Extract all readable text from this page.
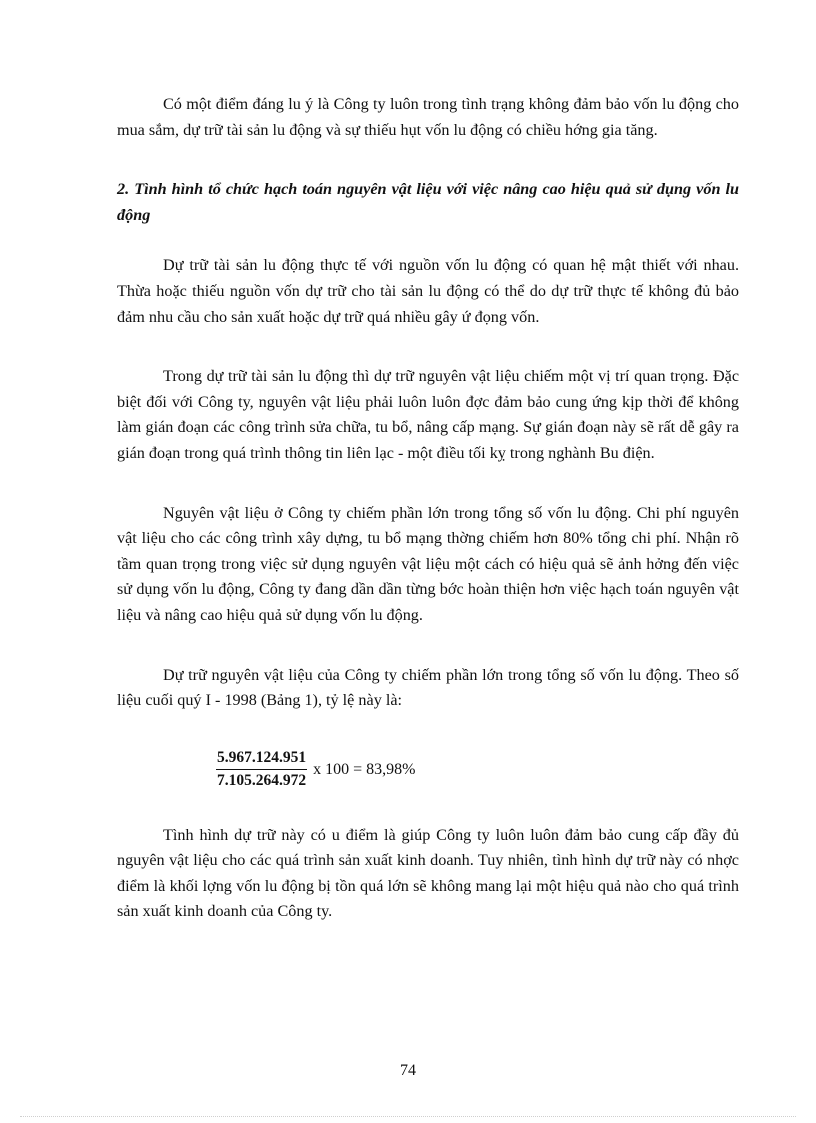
Có một điểm đáng lu ý là Công ty luôn trong tình trạng không đảm bảo vốn lu động cho mua sắm, dự trữ tài sản lu động và sự thiếu hụt vốn lu động có chiều hớng gia tăng.

2. Tình hình tổ chức hạch toán nguyên vật liệu với việc nâng cao hiệu quả sử dụng vốn lu động

Dự trữ tài sản lu động thực tế với nguồn vốn lu động có quan hệ mật thiết với nhau. Thừa hoặc thiếu nguồn vốn dự trữ cho tài sản lu động có thể do dự trữ thực tế không đủ bảo đảm nhu cầu cho sản xuất hoặc dự trữ quá nhiều gây ứ đọng vốn.

Trong dự trữ tài sản lu động thì dự trữ nguyên vật liệu chiếm một vị trí quan trọng. Đặc biệt đối với Công ty, nguyên vật liệu phải luôn luôn đợc đảm bảo cung ứng kịp thời để không làm gián đoạn các công trình sửa chữa, tu bổ, nâng cấp mạng. Sự gián đoạn này sẽ rất dễ gây ra gián đoạn trong quá trình thông tin liên lạc - một điều tối kỵ trong nghành Bu điện.

Nguyên vật liệu ở Công ty chiếm phần lớn trong tổng số vốn lu động. Chi phí nguyên vật liệu cho các công trình xây dựng, tu bổ mạng thờng chiếm hơn 80% tổng chi phí. Nhận rõ tầm quan trọng trong việc sử dụng nguyên vật liệu một cách có hiệu quả sẽ ảnh hởng đến việc sử dụng vốn lu động, Công ty đang dần dần từng bớc hoàn thiện hơn việc hạch toán nguyên vật liệu và nâng cao hiệu quả sử dụng vốn lu động.

Dự trữ nguyên vật liệu của Công ty chiếm phần lớn trong tổng số vốn lu động. Theo số liệu cuối quý I - 1998 (Bảng 1), tỷ lệ này là:

$\frac{5.967.124.951}{7.105.264.972}$ x 100 = 83,98%

Tình hình dự trữ này có u điểm là giúp Công ty luôn luôn đảm bảo cung cấp đầy đủ nguyên vật liệu cho các quá trình sản xuất kinh doanh. Tuy nhiên, tình hình dự trữ này có nhợc điểm là khối lợng vốn lu động bị tồn quá lớn sẽ không mang lại một hiệu quả nào cho quá trình sản xuất kinh doanh của Công ty.

74
